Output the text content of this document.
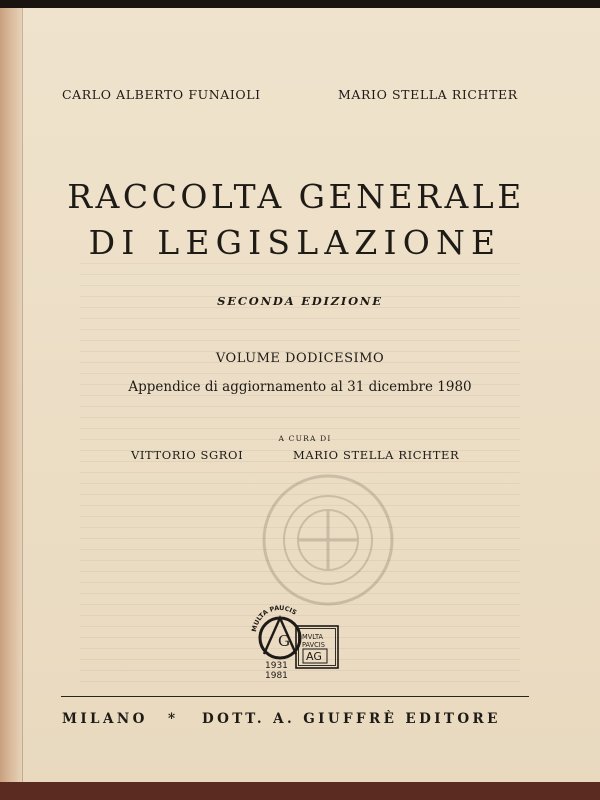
CARLO ALBERTO FUNAIOLI	MARIO STELLA RICHTER
RACCOLTA GENERALE
DI LEGISLAZIONE
SECONDA EDIZIONE
VOLUME DODICESIMO
Appendice di aggiornamento al 31 dicembre 1980
A CURA DI
VITTORIO SGROI	MARIO STELLA RICHTER
MULTA PAUCIS
G MVLTA
PAVCIS
AG
1931
1981
MILANO * DOTT. A. GIUFFRÈ EDITORE
